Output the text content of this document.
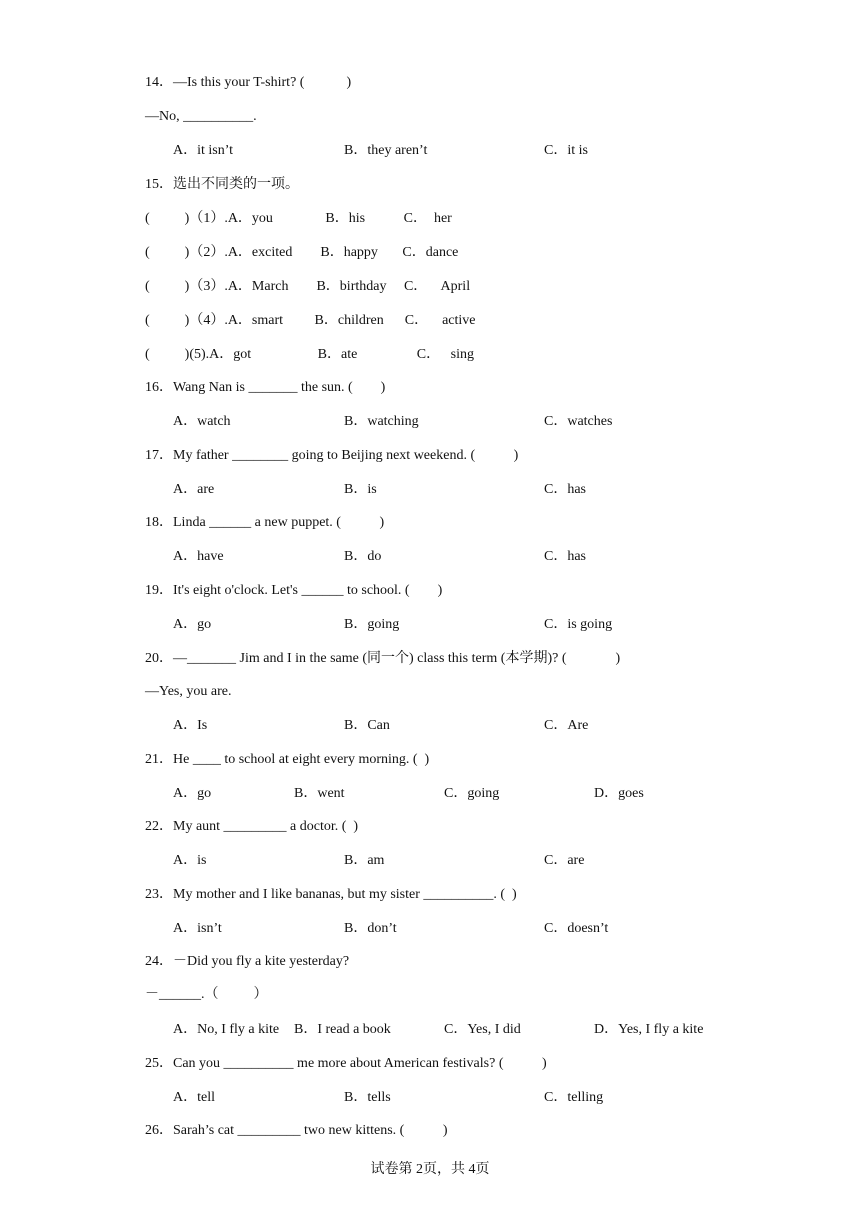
14．—Is this your T-shirt? (            )
—No, __________.
A．it isn’t	B．they aren’t	C．it is
15．选出不同类的一项。
(          )（1）.A．you               B．his           C．  her
(          )（2）.A．excited        B．happy       C．dance
(          )（3）.A．March        B．birthday     C．    April
(          )（4）.A．smart         B．children      C．    active
(          )(5).A．got                   B．ate                 C．   sing
16．Wang Nan is _______ the sun. (        )
A．watch	B．watching	C．watches
17．My father ________ going to Beijing next weekend. (           )
A．are	B．is	C．has
18．Linda ______ a new puppet. (           )
A．have	B．do	C．has
19．It's eight o'clock. Let's ______ to school. (        )
A．go	B．going	C．is going
20．—_______ Jim and I in the same (同一个) class this term (本学期)? (              )
—Yes, you are.
A．Is	B．Can	C．Are
21．He ____ to school at eight every morning. (  )
A．go	B．went	C．going	D．goes
22．My aunt _________ a doctor. (  )
A．is	B．am	C．are
23．My mother and I like bananas, but my sister __________. (  )
A．isn’t	B．don’t	C．doesn’t
24．－Did you fly a kite yesterday?
－______.（          ）
A．No, I fly a kite B．I read a book	C．Yes, I did	D．Yes, I fly a kite
25．Can you __________ me more about American festivals? (           )
A．tell	B．tells	C．telling
26．Sarah’s cat _________ two new kittens. (           )
试卷第 2页，共 4页
